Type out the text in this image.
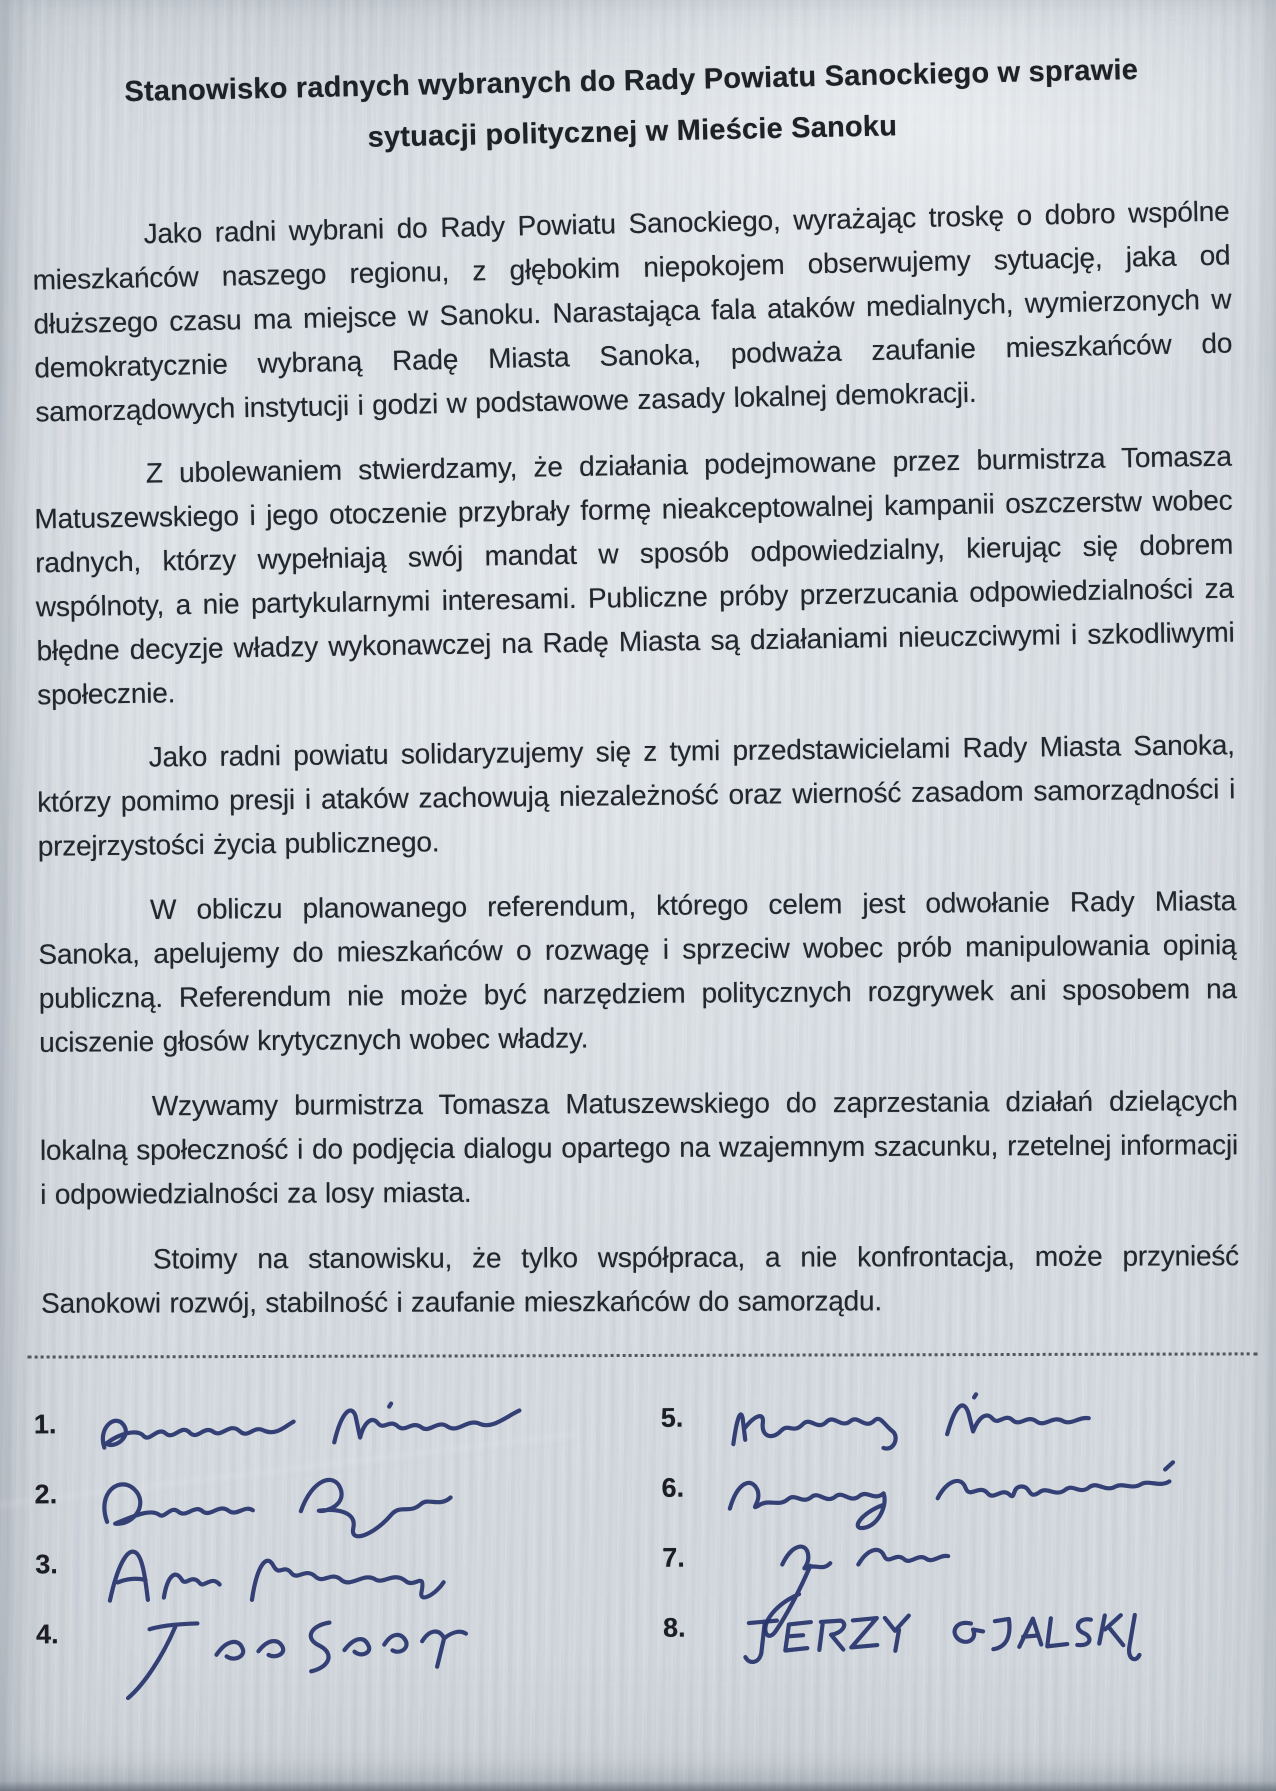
Stanowisko radnych wybranych do Rady Powiatu Sanockiego w sprawie
sytuacji politycznej w Mieście Sanoku

Jako radni wybrani do Rady Powiatu Sanockiego, wyrażając troskę o dobro wspólne mieszkańców naszego regionu, z głębokim niepokojem obserwujemy sytuację, jaka od dłuższego czasu ma miejsce w Sanoku. Narastająca fala ataków medialnych, wymierzonych w demokratycznie wybraną Radę Miasta Sanoka, podważa zaufanie mieszkańców do samorządowych instytucji i godzi w podstawowe zasady lokalnej demokracji.

Z ubolewaniem stwierdzamy, że działania podejmowane przez burmistrza Tomasza Matuszewskiego i jego otoczenie przybrały formę nieakceptowalnej kampanii oszczerstw wobec radnych, którzy wypełniają swój mandat w sposób odpowiedzialny, kierując się dobrem wspólnoty, a nie partykularnymi interesami. Publiczne próby przerzucania odpowiedzialności za błędne decyzje władzy wykonawczej na Radę Miasta są działaniami nieuczciwymi i szkodliwymi społecznie.

Jako radni powiatu solidaryzujemy się z tymi przedstawicielami Rady Miasta Sanoka, którzy pomimo presji i ataków zachowują niezależność oraz wierność zasadom samorządności i przejrzystości życia publicznego.

W obliczu planowanego referendum, którego celem jest odwołanie Rady Miasta Sanoka, apelujemy do mieszkańców o rozwagę i sprzeciw wobec prób manipulowania opinią publiczną. Referendum nie może być narzędziem politycznych rozgrywek ani sposobem na uciszenie głosów krytycznych wobec władzy.

Wzywamy burmistrza Tomasza Matuszewskiego do zaprzestania działań dzielących lokalną społeczność i do podjęcia dialogu opartego na wzajemnym szacunku, rzetelnej informacji i odpowiedzialności za losy miasta.

Stoimy na stanowisku, że tylko współpraca, a nie konfrontacja, może przynieść Sanokowi rozwój, stabilność i zaufanie mieszkańców do samorządu.

1.
2.
3.
4.
5.
6.
7.
8.
